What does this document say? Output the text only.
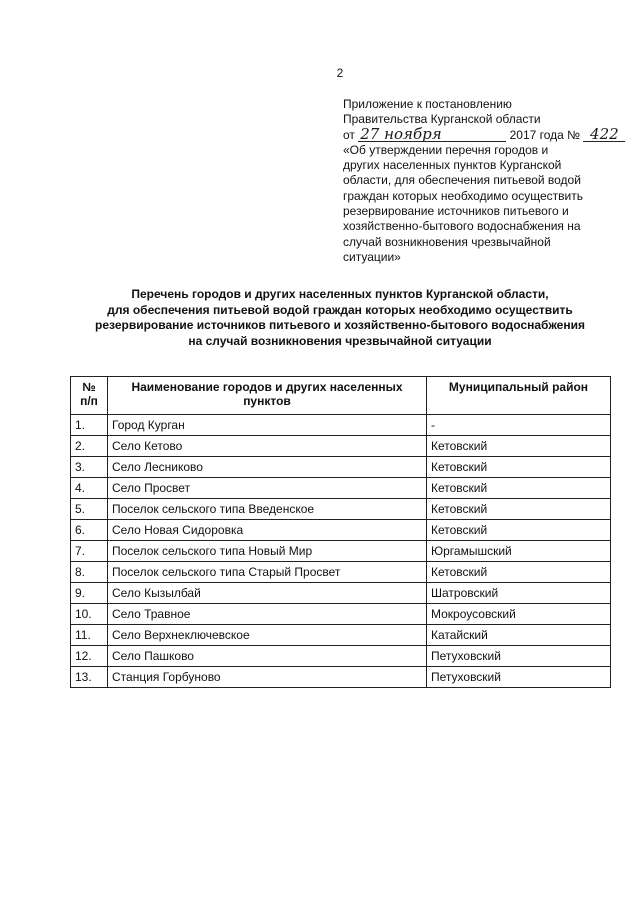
2
Приложение к постановлению
Правительства Курганской области
от 27 ноября	2017 года № 422
«Об утверждении перечня городов и
других населенных пунктов Курганской
области, для обеспечения питьевой водой
граждан которых необходимо осуществить
резервирование источников питьевого и
хозяйственно-бытового водоснабжения на
случай возникновения чрезвычайной
ситуации»
Перечень городов и других населенных пунктов Курганской области,
для обеспечения питьевой водой граждан которых необходимо осуществить
резервирование источников питьевого и хозяйственно-бытового водоснабжения
на случай возникновения чрезвычайной ситуации
№
п/п	Наименование городов и других населенных пунктов	Муниципальный район
1.	Город Курган	-
2.	Село Кетово	Кетовский
3.	Село Лесниково	Кетовский
4.	Село Просвет	Кетовский
5.	Поселок сельского типа Введенское	Кетовский
6.	Село Новая Сидоровка	Кетовский
7.	Поселок сельского типа Новый Мир	Юргамышский
8.	Поселок сельского типа Старый Просвет	Кетовский
9.	Село Кызылбай	Шатровский
10.	Село Травное	Мокроусовский
11.	Село Верхнеключевское	Катайский
12.	Село Пашково	Петуховский
13.	Станция Горбуново	Петуховский
